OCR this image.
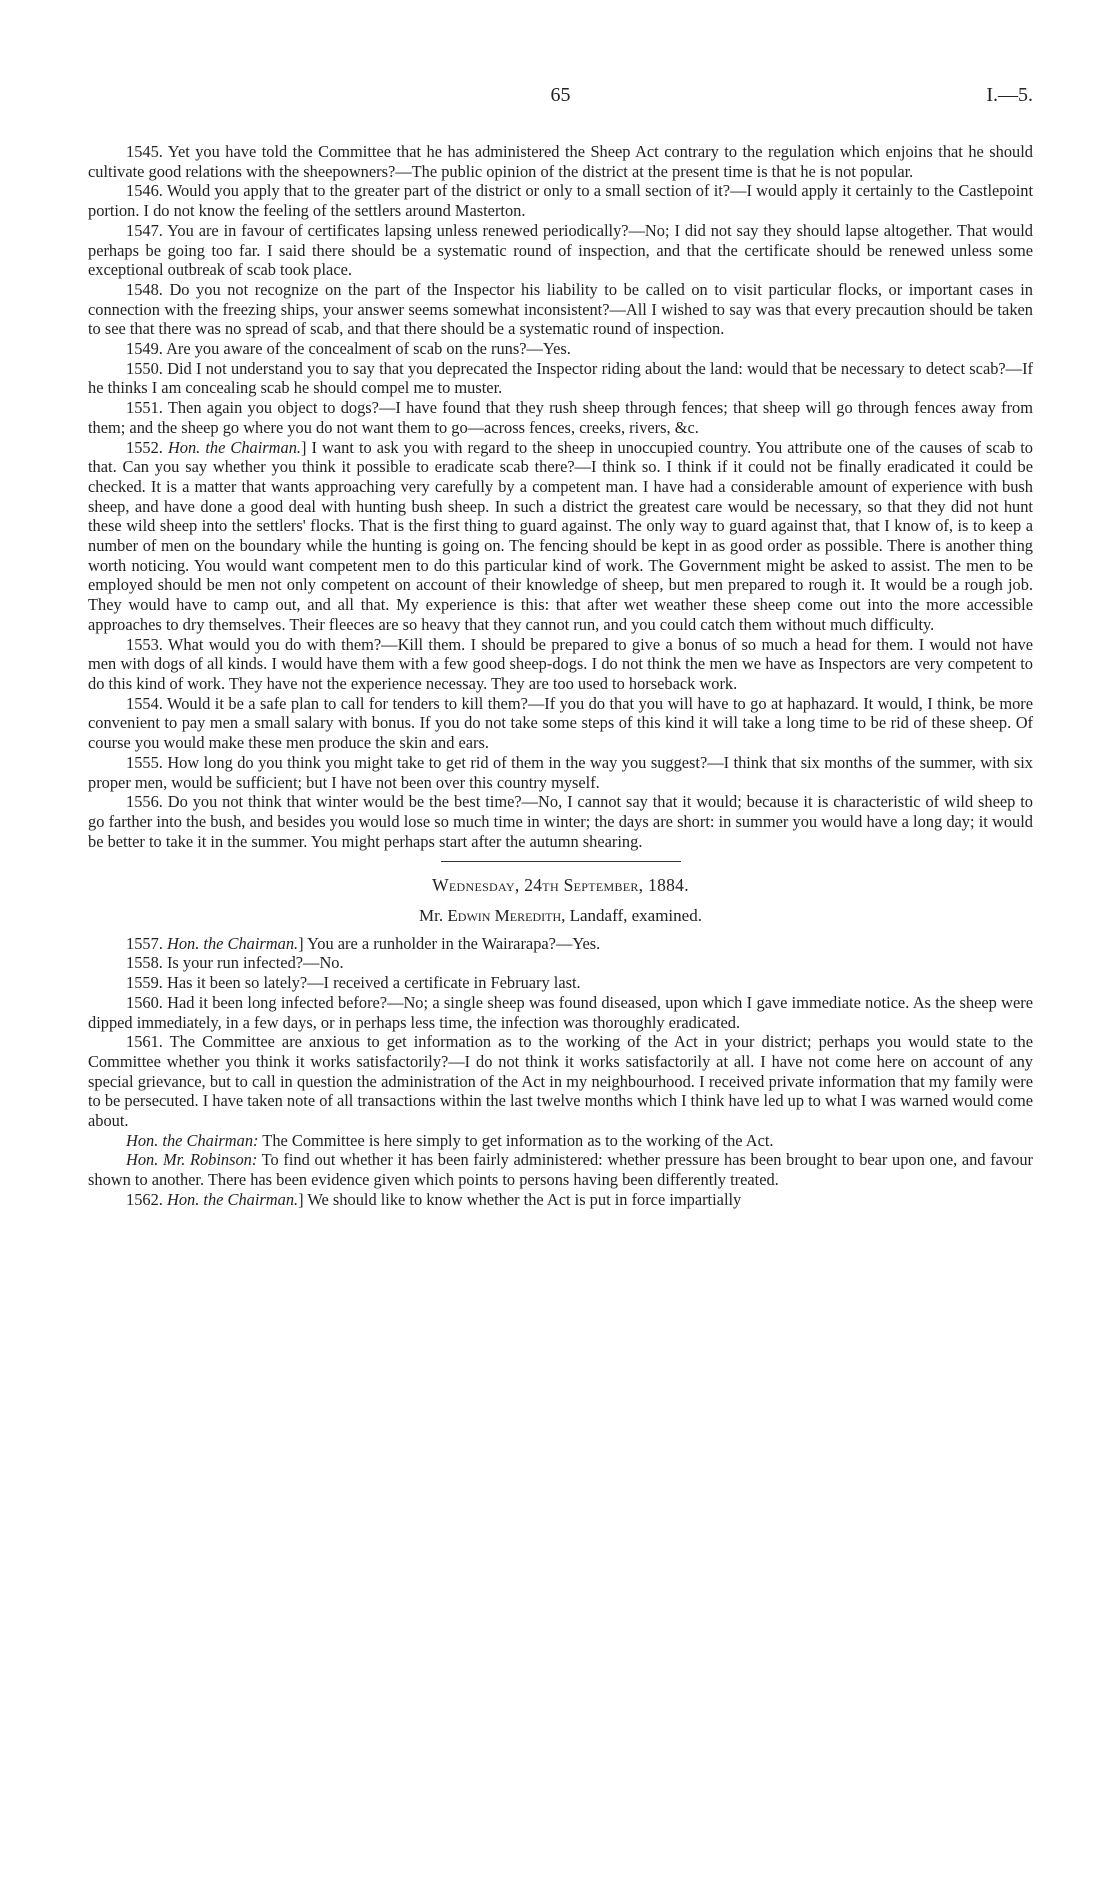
65	I.—5.

1545. Yet you have told the Committee that he has administered the Sheep Act contrary to the regulation which enjoins that he should cultivate good relations with the sheepowners?—The public opinion of the district at the present time is that he is not popular.

1546. Would you apply that to the greater part of the district or only to a small section of it?—I would apply it certainly to the Castlepoint portion. I do not know the feeling of the settlers around Masterton.

1547. You are in favour of certificates lapsing unless renewed periodically?—No; I did not say they should lapse altogether. That would perhaps be going too far. I said there should be a systematic round of inspection, and that the certificate should be renewed unless some exceptional outbreak of scab took place.

1548. Do you not recognize on the part of the Inspector his liability to be called on to visit particular flocks, or important cases in connection with the freezing ships, your answer seems somewhat inconsistent?—All I wished to say was that every precaution should be taken to see that there was no spread of scab, and that there should be a systematic round of inspection.

1549. Are you aware of the concealment of scab on the runs?—Yes.

1550. Did I not understand you to say that you deprecated the Inspector riding about the land: would that be necessary to detect scab?—If he thinks I am concealing scab he should compel me to muster.

1551. Then again you object to dogs?—I have found that they rush sheep through fences; that sheep will go through fences away from them; and the sheep go where you do not want them to go—across fences, creeks, rivers, &c.

1552. Hon. the Chairman.] I want to ask you with regard to the sheep in unoccupied country. You attribute one of the causes of scab to that. Can you say whether you think it possible to eradicate scab there?—I think so. I think if it could not be finally eradicated it could be checked. It is a matter that wants approaching very carefully by a competent man. I have had a considerable amount of experience with bush sheep, and have done a good deal with hunting bush sheep. In such a district the greatest care would be necessary, so that they did not hunt these wild sheep into the settlers' flocks. That is the first thing to guard against. The only way to guard against that, that I know of, is to keep a number of men on the boundary while the hunting is going on. The fencing should be kept in as good order as possible. There is another thing worth noticing. You would want competent men to do this particular kind of work. The Government might be asked to assist. The men to be employed should be men not only competent on account of their knowledge of sheep, but men prepared to rough it. It would be a rough job. They would have to camp out, and all that. My experience is this: that after wet weather these sheep come out into the more accessible approaches to dry themselves. Their fleeces are so heavy that they cannot run, and you could catch them without much difficulty.

1553. What would you do with them?—Kill them. I should be prepared to give a bonus of so much a head for them. I would not have men with dogs of all kinds. I would have them with a few good sheep-dogs. I do not think the men we have as Inspectors are very competent to do this kind of work. They have not the experience necessay. They are too used to horseback work.

1554. Would it be a safe plan to call for tenders to kill them?—If you do that you will have to go at haphazard. It would, I think, be more convenient to pay men a small salary with bonus. If you do not take some steps of this kind it will take a long time to be rid of these sheep. Of course you would make these men produce the skin and ears.

1555. How long do you think you might take to get rid of them in the way you suggest?—I think that six months of the summer, with six proper men, would be sufficient; but I have not been over this country myself.

1556. Do you not think that winter would be the best time?—No, I cannot say that it would; because it is characteristic of wild sheep to go farther into the bush, and besides you would lose so much time in winter; the days are short: in summer you would have a long day; it would be better to take it in the summer. You might perhaps start after the autumn shearing.

Wednesday, 24th September, 1884.

Mr. Edwin Meredith, Landaff, examined.

1557. Hon. the Chairman.] You are a runholder in the Wairarapa?—Yes.

1558. Is your run infected?—No.

1559. Has it been so lately?—I received a certificate in February last.

1560. Had it been long infected before?—No; a single sheep was found diseased, upon which I gave immediate notice. As the sheep were dipped immediately, in a few days, or in perhaps less time, the infection was thoroughly eradicated.

1561. The Committee are anxious to get information as to the working of the Act in your district; perhaps you would state to the Committee whether you think it works satisfactorily?—I do not think it works satisfactorily at all. I have not come here on account of any special grievance, but to call in question the administration of the Act in my neighbourhood. I received private information that my family were to be persecuted. I have taken note of all transactions within the last twelve months which I think have led up to what I was warned would come about.

Hon. the Chairman: The Committee is here simply to get information as to the working of the Act.

Hon. Mr. Robinson: To find out whether it has been fairly administered: whether pressure has been brought to bear upon one, and favour shown to another. There has been evidence given which points to persons having been differently treated.

1562. Hon. the Chairman.] We should like to know whether the Act is put in force impartially
